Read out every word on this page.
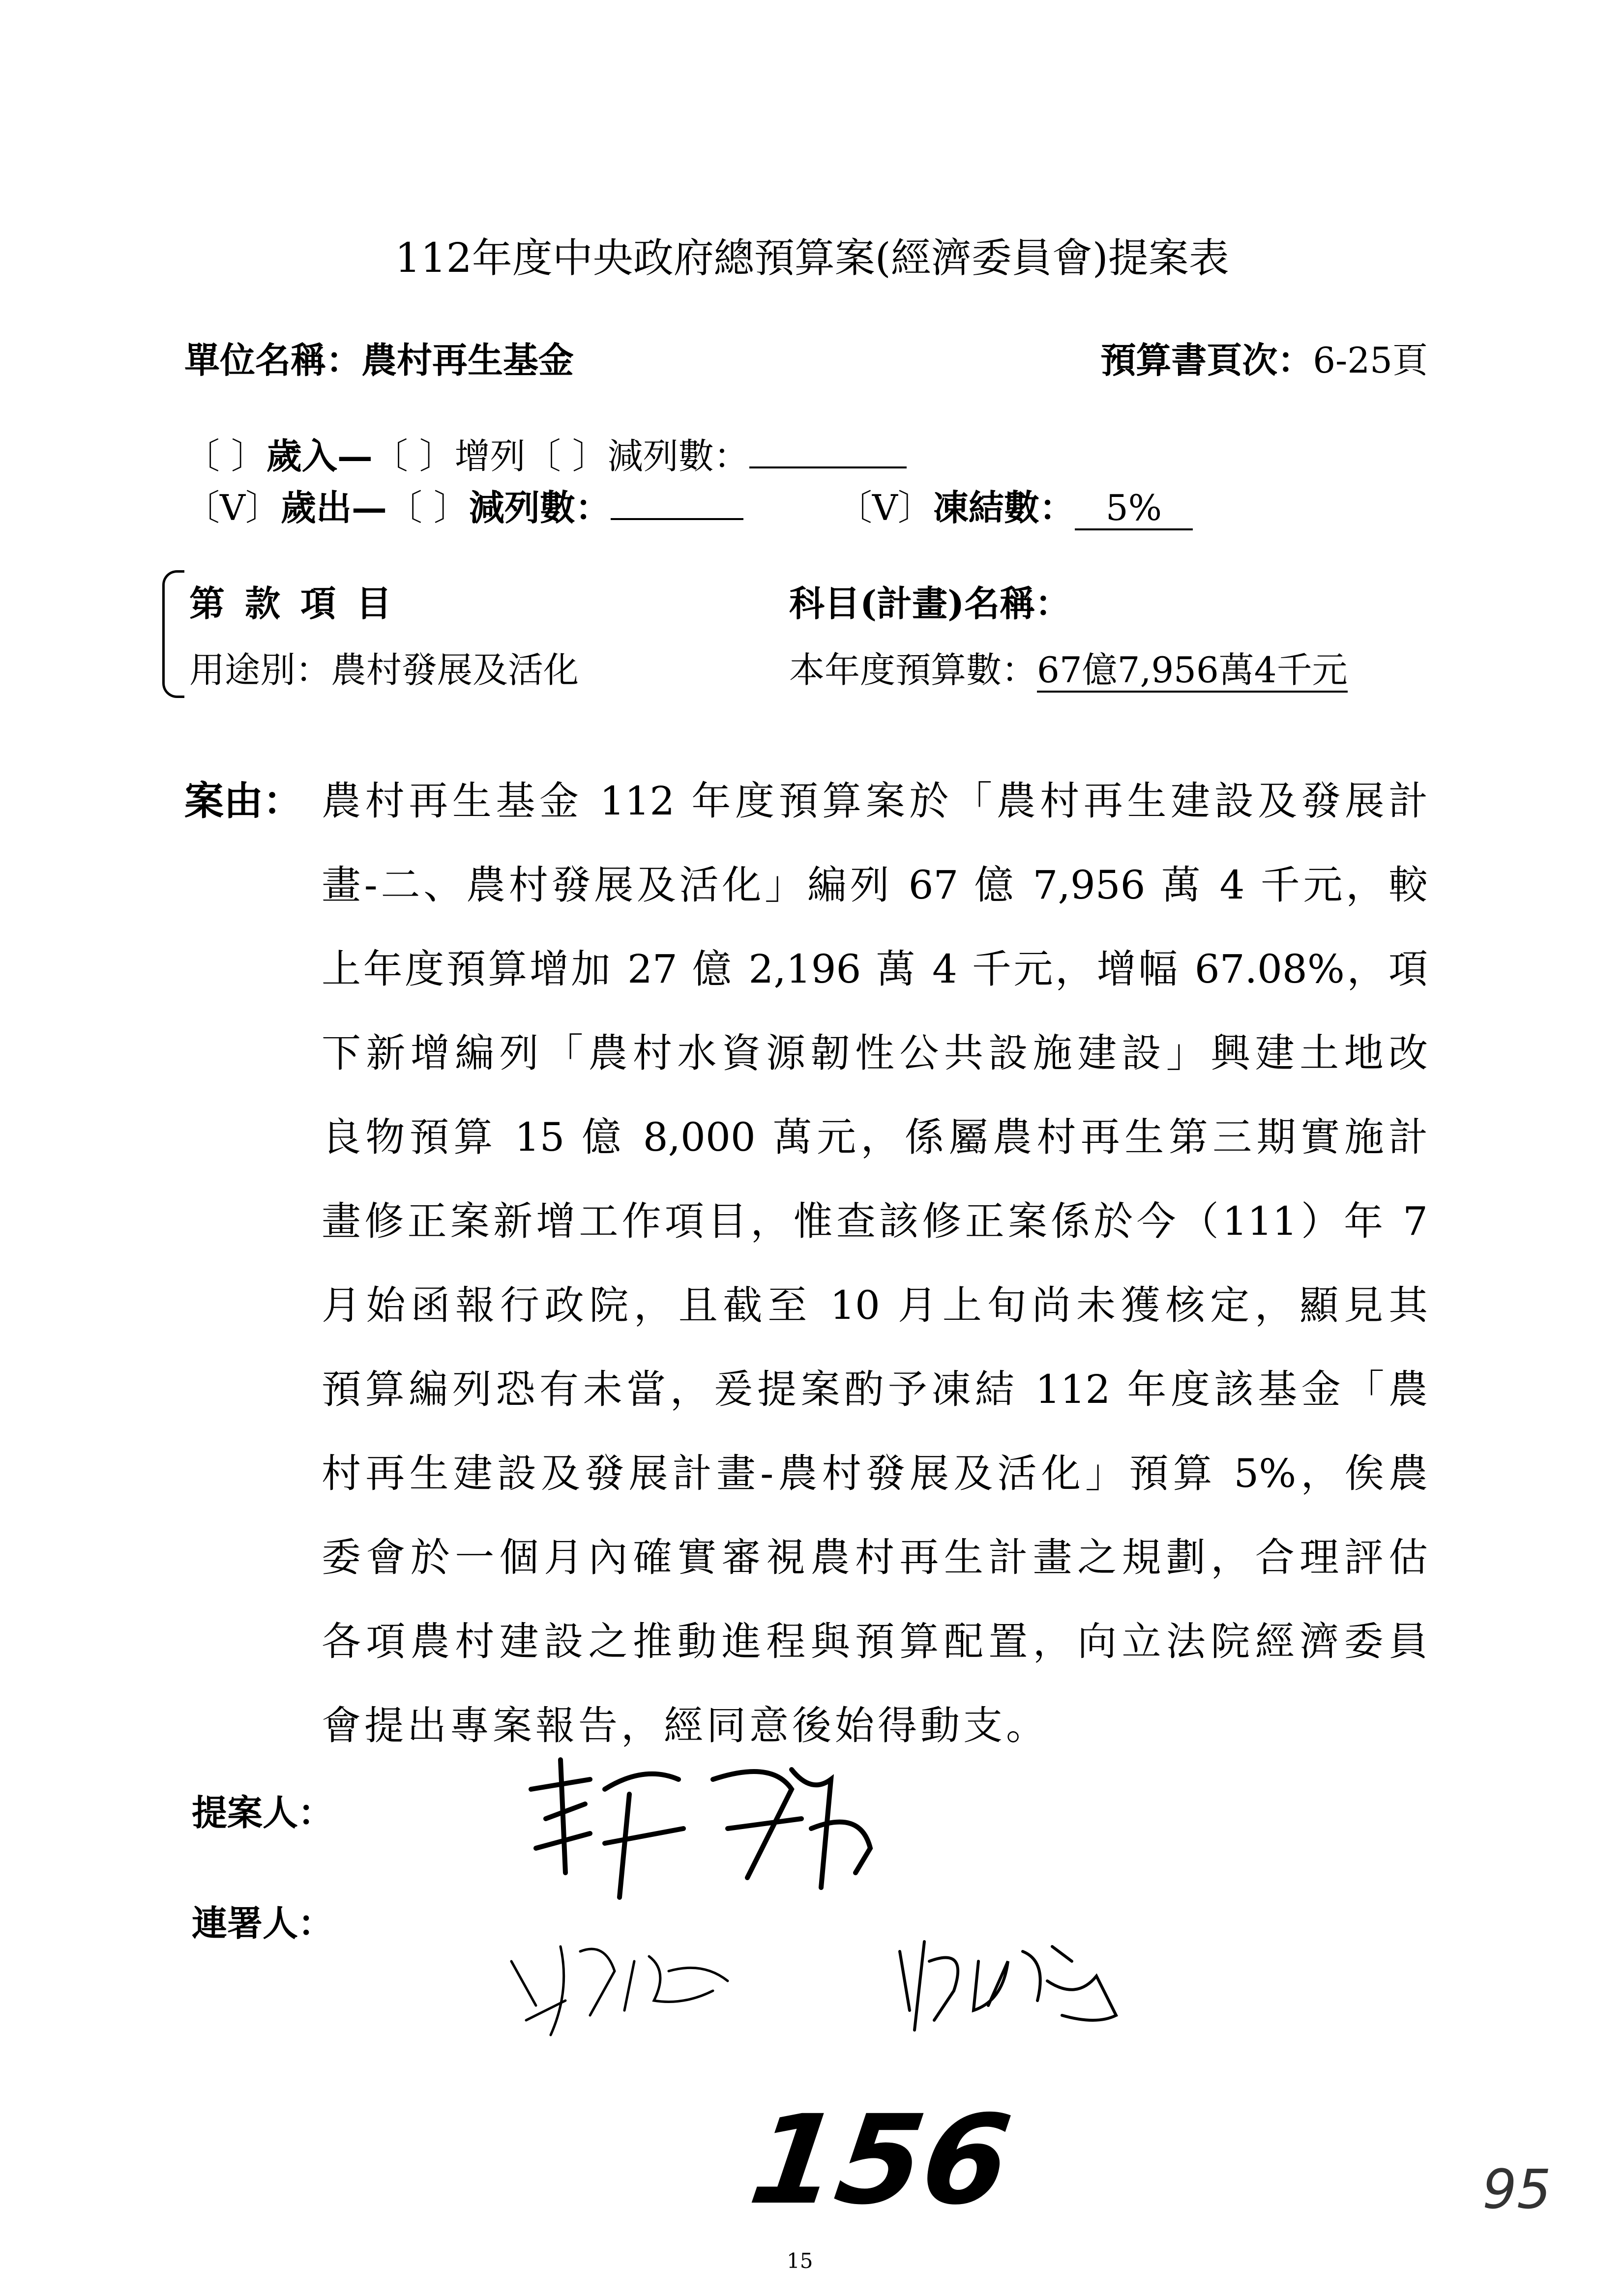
112年度中央政府總預算案(經濟委員會)提案表
單位名稱：農村再生基金	預算書頁次：6-25頁
〔 〕歲入—〔 〕增列〔 〕減列數：
〔V〕歲出—〔 〕減列數：	〔V〕凍結數： 5%
第 款 項 目
用途別：農村發展及活化
科目(計畫)名稱：
本年度預算數：67億7,956萬4千元
案由： 農村再生基金 112 年度預算案於「農村再生建設及發展計
畫-二、農村發展及活化」編列 67 億 7,956 萬 4 千元，較
上年度預算增加 27 億 2,196 萬 4 千元，增幅 67.08%，項
下新增編列「農村水資源韌性公共設施建設」興建土地改
良物預算 15 億 8,000 萬元，係屬農村再生第三期實施計
畫修正案新增工作項目，惟查該修正案係於今（111）年 7
月始函報行政院，且截至 10 月上旬尚未獲核定，顯見其
預算編列恐有未當，爰提案酌予凍結 112 年度該基金「農
村再生建設及發展計畫-農村發展及活化」預算 5%，俟農
委會於一個月內確實審視農村再生計畫之規劃，合理評估
各項農村建設之推動進程與預算配置，向立法院經濟委員
會提出專案報告，經同意後始得動支。
提案人：
連署人：
156
15
95
